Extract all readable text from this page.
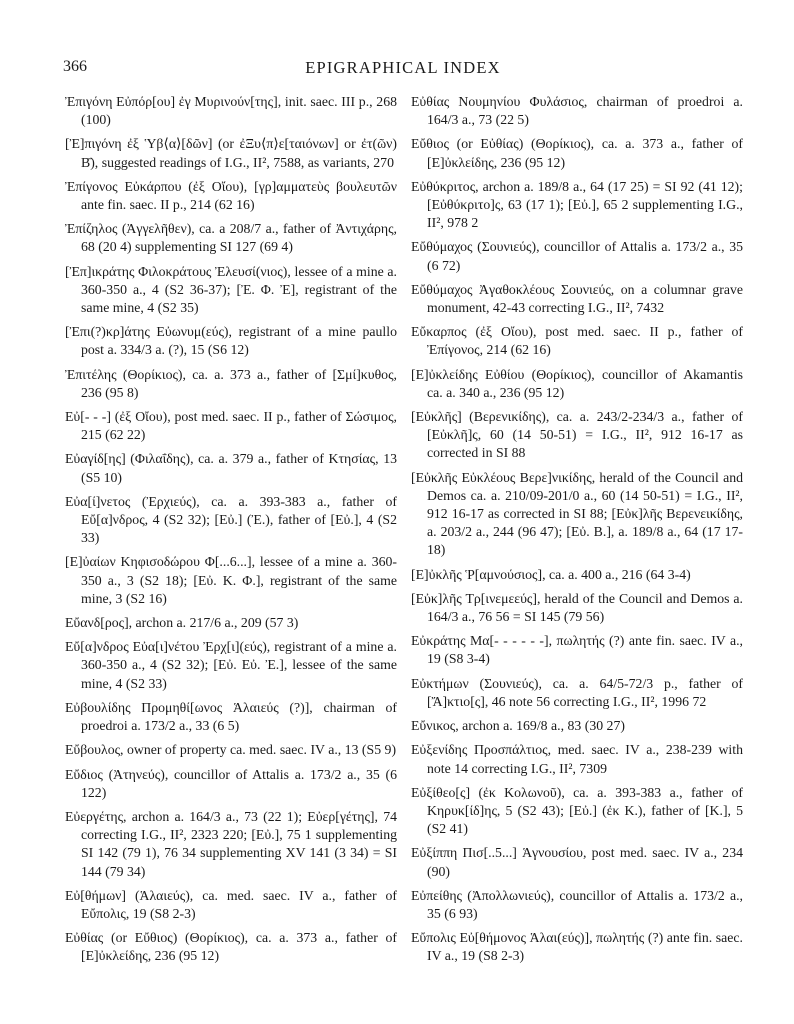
366	EPIGRAPHICAL INDEX

Ἐπιγόνη Εὐπόρ[ου] ἐγ Μυρινούν[της], init. saec. III p., 268 (100)

[Ἐ]πιγόνη ἐξ Ὑβ⟨α⟩[δῶν] (or ἐΞυ⟨π⟩ε[ταιόνων] or ἐτ(ῶν) Β̄), suggested readings of I.G., II², 7588, as variants, 270

Ἐπίγονος Εὐκάρπου (ἐξ Οἴου), [γρ]αμματεὺς βουλευτῶν ante fin. saec. II p., 214 (62 16)

Ἐπίζηλος (Ἀγγελῆθεν), ca. a 208/7 a., father of Ἀντιχάρης, 68 (20 4) supplementing SI 127 (69 4)

[Ἐπ]ικράτης Φιλοκράτους Ἐλευσί(νιος), lessee of a mine a. 360-350 a., 4 (S2 36-37); [Ἐ. Φ. Ἐ], registrant of the same mine, 4 (S2 35)

[Ἐπι(?)κρ]άτης Εὐωνυμ(εύς), registrant of a mine paullo post a. 334/3 a. (?), 15 (S6 12)

Ἐπιτέλης (Θορίκιος), ca. a. 373 a., father of [Σμί]κυθος, 236 (95 8)

Εὐ[- - -] (ἐξ Οἴου), post med. saec. II p., father of Σώσιμος, 215 (62 22)

Εὐαγίδ[ης] (Φιλαΐδης), ca. a. 379 a., father of Κτησίας, 13 (S5 10)

Εὐα[ί]νετος (Ἐρχιεύς), ca. a. 393-383 a., father of Εὔ[α]νδρος, 4 (S2 32); [Εὐ.] (Ἐ.), father of [Εὐ.], 4 (S2 33)

[Ε]ὐαίων Κηφισοδώρου Φ[...6...], lessee of a mine a. 360-350 a., 3 (S2 18); [Εὐ. Κ. Φ.], registrant of the same mine, 3 (S2 16)

Εὔανδ[ρος], archon a. 217/6 a., 209 (57 3)

Εὔ[α]νδρος Εὐα[ι]νέτου Ἐρχ[ι](εύς), registrant of a mine a. 360-350 a., 4 (S2 32); [Εὐ. Εὐ. Ἐ.], lessee of the same mine, 4 (S2 33)

Εὐβουλίδης Προμηθί[ωνος Ἁλαιεύς (?)], chairman of proedroi a. 173/2 a., 33 (6 5)

Εὔβουλος, owner of property ca. med. saec. IV a., 13 (S5 9)

Εὔδιος (Ἀτηνεύς), councillor of Attalis a. 173/2 a., 35 (6 122)

Εὐεργέτης, archon a. 164/3 a., 73 (22 1); Εὐερ[γέτης], 74 correcting I.G., II², 2323 220; [Εὐ.], 75 1 supplementing SI 142 (79 1), 76 34 supplementing XV 141 (3 34) = SI 144 (79 34)

Εὐ[θήμων] (Ἁλαιεύς), ca. med. saec. IV a., father of Εὔπολις, 19 (S8 2-3)

Εὐθίας (or Εὔθιος) (Θορίκιος), ca. a. 373 a., father of [Ε]ὐκλείδης, 236 (95 12)

Εὐθίας Νουμηνίου Φυλάσιος, chairman of proedroi a. 164/3 a., 73 (22 5)

Εὔθιος (or Εὐθίας) (Θορίκιος), ca. a. 373 a., father of [Ε]ὐκλείδης, 236 (95 12)

Εὐθύκριτος, archon a. 189/8 a., 64 (17 25) = SI 92 (41 12); [Εὐθύκριτο]ς, 63 (17 1); [Εὐ.], 65 2 supplementing I.G., II², 978 2

Εὔθύμαχος (Σουνιεύς), councillor of Attalis a. 173/2 a., 35 (6 72)

Εὔθύμαχος Ἀγαθοκλέους Σουνιεύς, on a columnar grave monument, 42-43 correcting I.G., II², 7432

Εὔκαρπος (ἐξ Οἴου), post med. saec. II p., father of Ἐπίγονος, 214 (62 16)

[Ε]ὐκλείδης Εὐθίου (Θορίκιος), councillor of Akamantis ca. a. 340 a., 236 (95 12)

[Εὐκλῆς] (Βερενικίδης), ca. a. 243/2-234/3 a., father of [Εὐκλῆ]ς, 60 (14 50-51) = I.G., II², 912 16-17 as corrected in SI 88

[Εὐκλῆς Εὐκλέους Βερε]νικίδης, herald of the Council and Demos ca. a. 210/09-201/0 a., 60 (14 50-51) = I.G., II², 912 16-17 as corrected in SI 88; [Εὐκ]λῆς Βερενεικίδης, a. 203/2 a., 244 (96 47); [Εὐ. Β.], a. 189/8 a., 64 (17 17-18)

[Ε]ὐκλῆς Ῥ[αμνούσιος], ca. a. 400 a., 216 (64 3-4)

[Εὐκ]λῆς Τρ[ινεμεεύς], herald of the Council and Demos a. 164/3 a., 76 56 = SI 145 (79 56)

Εὐκράτης Μα[- - - - - -], πωλητής (?) ante fin. saec. IV a., 19 (S8 3-4)

Εὐκτήμων (Σουνιεύς), ca. a. 64/5-72/3 p., father of [Ἄ]κτιο[ς], 46 note 56 correcting I.G., II², 1996 72

Εὔνικος, archon a. 169/8 a., 83 (30 27)

Εὐξενίδης Προσπάλτιος, med. saec. IV a., 238-239 with note 14 correcting I.G., II², 7309

Εὐξίθεο[ς] (ἐκ Κολωνοῦ), ca. a. 393-383 a., father of Κηρυκ[ίδ]ης, 5 (S2 43); [Εὐ.] (ἐκ Κ.), father of [Κ.], 5 (S2 41)

Εὐξίππη Πισ[..5...] Ἁγνουσίου, post med. saec. IV a., 234 (90)

Εὐπείθης (Ἀπολλωνιεύς), councillor of Attalis a. 173/2 a., 35 (6 93)

Εὔπολις Εὐ[θήμονος Ἁλαι(εύς)], πωλητής (?) ante fin. saec. IV a., 19 (S8 2-3)
